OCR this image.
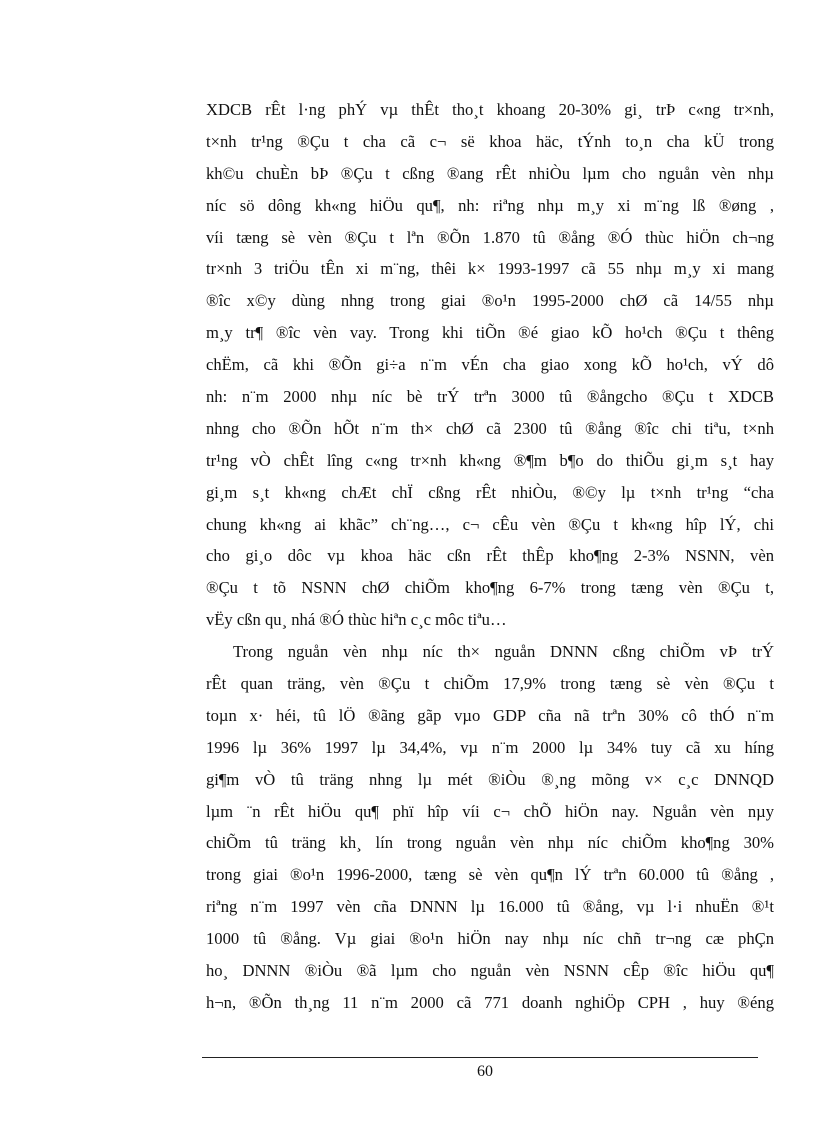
XDCB rÊt l·ng phÝ vµ thÊt tho¸t khoang 20-30% gi¸ trÞ c«ng tr×nh,
t×nh tr¹ng ®Çu t cha cã c¬ së khoa häc, tÝnh to¸n cha kÜ trong
kh©u chuÈn bÞ ®Çu t cßng ®ang rÊt nhiÒu lµm cho nguån vèn nhµ
níc sö dông kh«ng hiÖu qu¶, nh: riªng nhµ m¸y xi m¨ng lß ®øng ,
víi tæng sè vèn ®Çu t lªn ®Õn 1.870 tû ®ång ®Ó thùc hiÖn ch¬ng
tr×nh 3 triÖu tÊn xi m¨ng, thêi k× 1993-1997 cã 55 nhµ m¸y xi mang
®îc x©y dùng nhng trong giai ®o¹n 1995-2000 chØ cã 14/55 nhµ
m¸y tr¶ ®îc vèn vay. Trong khi tiÕn ®é giao kÕ ho¹ch ®Çu t thêng
chËm, cã khi ®Õn gi÷a n¨m vÉn cha giao xong kÕ ho¹ch, vÝ dô
nh: n¨m 2000 nhµ níc bè trÝ trªn 3000 tû ®ångcho ®Çu t XDCB
nhng cho ®Õn hÕt n¨m th× chØ cã 2300 tû ®ång ®îc chi tiªu, t×nh
tr¹ng vÒ chÊt lîng c«ng tr×nh kh«ng ®¶m b¶o do thiÕu gi¸m s¸t hay
gi¸m s¸t kh«ng chÆt chÏ cßng rÊt nhiÒu, ®©y lµ t×nh tr¹ng “cha
chung kh«ng ai khãc” ch¨ng…, c¬ cÊu vèn ®Çu t kh«ng hîp lÝ, chi
cho gi¸o dôc vµ khoa häc cßn rÊt thÊp kho¶ng 2-3% NSNN, vèn
®Çu t tõ NSNN chØ chiÕm kho¶ng 6-7% trong tæng vèn ®Çu t,
vËy cßn qu¸ nhá ®Ó thùc hiªn c¸c môc tiªu…
Trong nguån vèn nhµ níc th× nguån DNNN cßng chiÕm vÞ trÝ
rÊt quan träng, vèn ®Çu t chiÕm 17,9% trong tæng sè vèn ®Çu t
toµn x· héi, tû lÖ ®ãng gãp vµo GDP cña nã trªn 30% cô thÓ n¨m
1996 lµ 36% 1997 lµ 34,4%, vµ n¨m 2000 lµ 34% tuy cã xu híng
gi¶m vÒ tû träng nhng lµ mét ®iÒu ®¸ng mõng v× c¸c DNNQD
lµm ¨n rÊt hiÖu qu¶ phï hîp víi c¬ chÕ hiÖn nay. Nguån vèn nµy
chiÕm tû träng kh¸ lín trong nguån vèn nhµ níc chiÕm kho¶ng 30%
trong giai ®o¹n 1996-2000, tæng sè vèn qu¶n lÝ trªn 60.000 tû ®ång ,
riªng n¨m 1997 vèn cña DNNN lµ 16.000 tû ®ång, vµ l·i nhuËn ®¹t
1000 tû ®ång. Vµ giai ®o¹n hiÖn nay nhµ níc chñ tr¬ng cæ phÇn
ho¸ DNNN ®iÒu ®ã lµm cho nguån vèn NSNN cÊp ®îc hiÖu qu¶
h¬n, ®Õn th¸ng 11 n¨m 2000 cã 771 doanh nghiÖp CPH , huy ®éng
60
